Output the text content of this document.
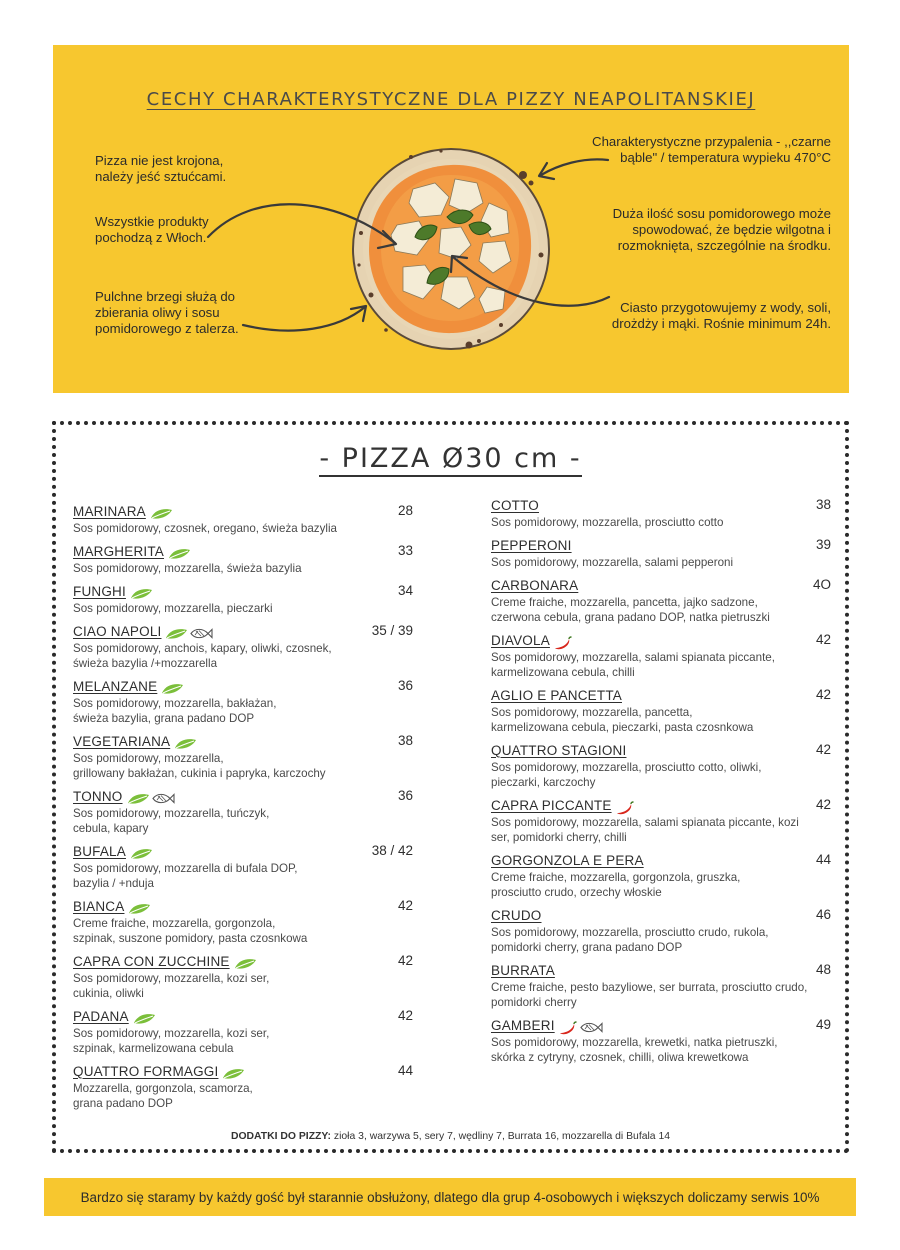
CECHY CHARAKTERYSTYCZNE DLA PIZZY NEAPOLITANSKIEJ
Pizza nie jest krojona,
należy jeść sztućcami.
Wszystkie produkty
pochodzą z Włoch.
Pulchne brzegi służą do
zbierania oliwy i sosu
pomidorowego z talerza.
Charakterystyczne przypalenia - ,,czarne
bąble" / temperatura wypieku 470°C
Duża ilość sosu pomidorowego może
spowodować, że będzie wilgotna i
rozmoknięta, szczególnie na środku.
Ciasto przygotowujemy z wody, soli,
drożdży i mąki. Rośnie minimum 24h.
- PIZZA Ø30 cm -
MARINARA	28
Sos pomidorowy, czosnek, oregano, świeża bazylia
MARGHERITA	33
Sos pomidorowy, mozzarella, świeża bazylia
FUNGHI	34
Sos pomidorowy, mozzarella, pieczarki
CIAO NAPOLI	35 / 39
Sos pomidorowy, anchois, kapary, oliwki, czosnek,
świeża bazylia /+mozzarella
MELANZANE	36
Sos pomidorowy, mozzarella, bakłażan,
świeża bazylia, grana padano DOP
VEGETARIANA	38
Sos pomidorowy, mozzarella,
grillowany bakłażan, cukinia i papryka, karczochy
TONNO	36
Sos pomidorowy, mozzarella, tuńczyk,
cebula, kapary
BUFALA	38 / 42
Sos pomidorowy, mozzarella di bufala DOP,
bazylia / +nduja
BIANCA	42
Creme fraiche, mozzarella, gorgonzola,
szpinak, suszone pomidory, pasta czosnkowa
CAPRA CON ZUCCHINE	42
Sos pomidorowy, mozzarella, kozi ser,
cukinia, oliwki
PADANA	42
Sos pomidorowy, mozzarella, kozi ser,
szpinak, karmelizowana cebula
QUATTRO FORMAGGI	44
Mozzarella, gorgonzola, scamorza,
grana padano DOP
COTTO	38
Sos pomidorowy, mozzarella, prosciutto cotto
PEPPERONI	39
Sos pomidorowy, mozzarella, salami pepperoni
CARBONARA	4O
Creme fraiche, mozzarella, pancetta, jajko sadzone,
czerwona cebula, grana padano DOP, natka pietruszki
DIAVOLA	42
Sos pomidorowy, mozzarella, salami spianata piccante,
karmelizowana cebula, chilli
AGLIO E PANCETTA	42
Sos pomidorowy, mozzarella, pancetta,
karmelizowana cebula, pieczarki, pasta czosnkowa
QUATTRO STAGIONI	42
Sos pomidorowy, mozzarella, prosciutto cotto, oliwki,
pieczarki, karczochy
CAPRA PICCANTE	42
Sos pomidorowy, mozzarella, salami spianata piccante, kozi
ser, pomidorki cherry, chilli
GORGONZOLA E PERA	44
Creme fraiche, mozzarella, gorgonzola, gruszka,
prosciutto crudo, orzechy włoskie
CRUDO	46
Sos pomidorowy, mozzarella, prosciutto crudo, rukola,
pomidorki cherry, grana padano DOP
BURRATA	48
Creme fraiche, pesto bazyliowe, ser burrata, prosciutto crudo,
pomidorki cherry
GAMBERI	49
Sos pomidorowy, mozzarella, krewetki, natka pietruszki,
skórka z cytryny, czosnek, chilli, oliwa krewetkowa
DODATKI DO PIZZY: zioła 3, warzywa 5, sery 7, wędliny 7, Burrata 16, mozzarella di Bufala 14
Bardzo się staramy by każdy gość był starannie obsłużony, dlatego dla grup 4-osobowych i większych doliczamy serwis 10%
